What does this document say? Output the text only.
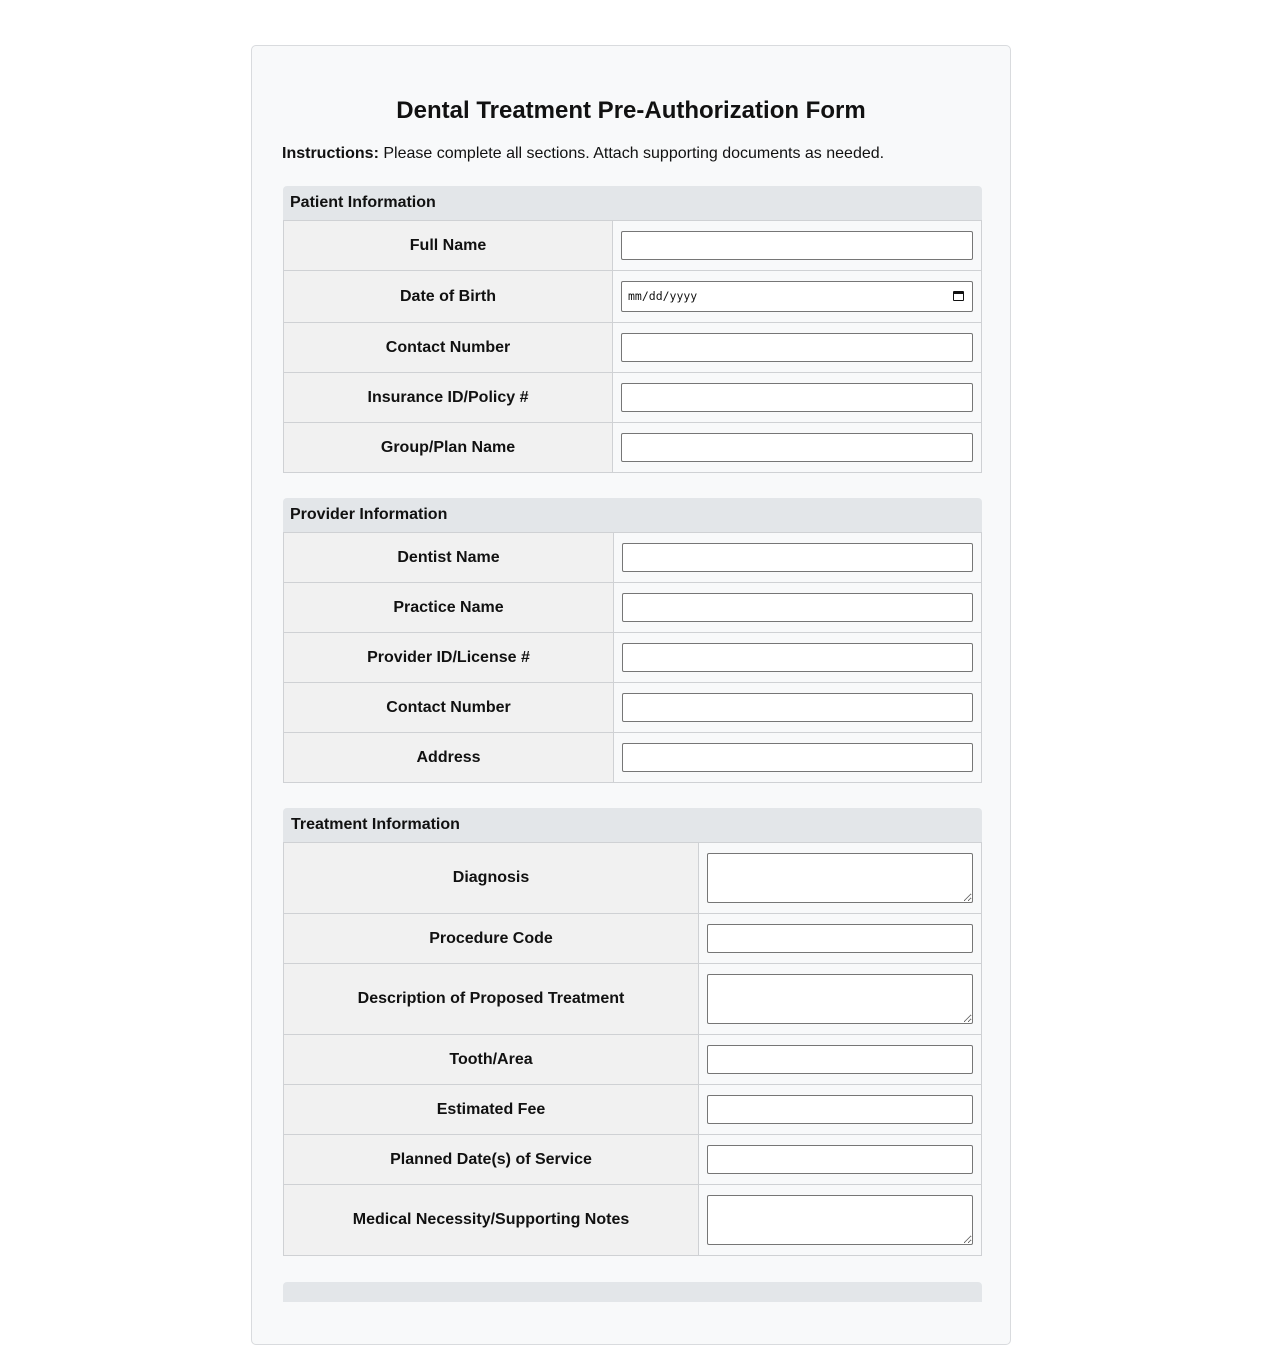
Dental Treatment Pre-Authorization Form

Instructions: Please complete all sections. Attach supporting documents as needed.

Patient Information
Full Name	

Date of Birth	mm/dd/yyyy

Contact Number	

Insurance ID/Policy #	

Group/Plan Name	
Provider Information
Dentist Name	

Practice Name	

Provider ID/License #	

Contact Number	

Address	
Treatment Information
Diagnosis	

Procedure Code	

Description of Proposed Treatment	

Tooth/Area	

Estimated Fee	

Planned Date(s) of Service	

Medical Necessity/Supporting Notes	
